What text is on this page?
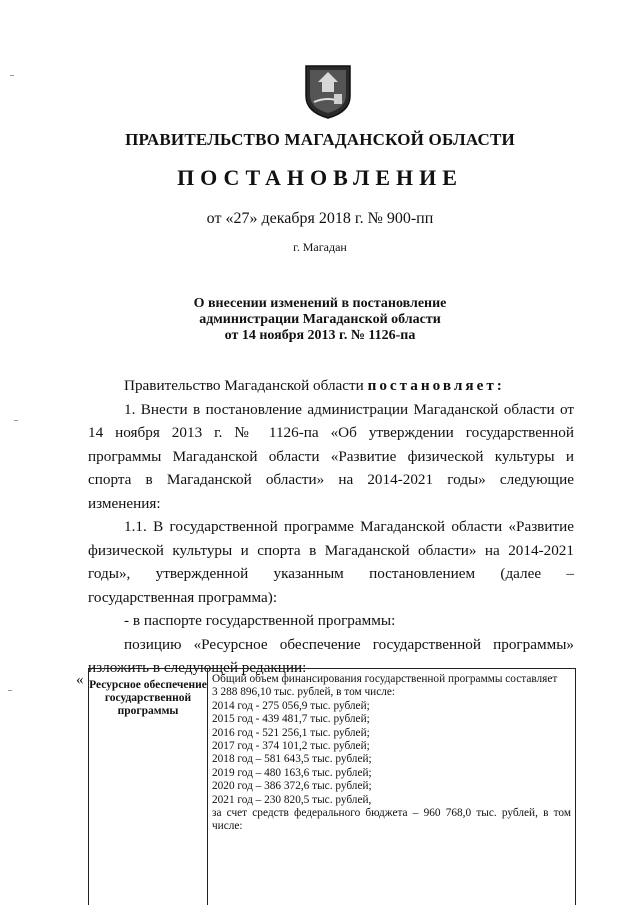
ПРАВИТЕЛЬСТВО МАГАДАНСКОЙ ОБЛАСТИ
ПОСТАНОВЛЕНИЕ
от «27» декабря 2018 г. № 900-пп
г. Магадан
О внесении изменений в постановление
администрации Магаданской области
от 14 ноября 2013 г. № 1126-па

Правительство Магаданской области постановляет:

1. Внести в постановление администрации Магаданской области от 14 ноября 2013 г. № 1126-па «Об утверждении государственной программы Магаданской области «Развитие физической культуры и спорта в Магаданской области» на 2014-2021 годы» следующие изменения:

1.1. В государственной программе Магаданской области «Развитие физической культуры и спорта в Магаданской области» на 2014-2021 годы», утвержденной указанным постановлением (далее – государственная программа):

- в паспорте государственной программы:

позицию «Ресурсное обеспечение государственной программы» изложить в следующей редакции:

« Ресурсное обеспечение государственной программы
Общий объем финансирования государственной программы составляет
3 288 896,10 тыс. рублей, в том числе:
2014 год - 275 056,9 тыс. рублей;
2015 год - 439 481,7 тыс. рублей;
2016 год - 521 256,1 тыс. рублей;
2017 год - 374 101,2 тыс. рублей;
2018 год – 581 643,5 тыс. рублей;
2019 год – 480 163,6 тыс. рублей;
2020 год – 386 372,6 тыс. рублей;
2021 год – 230 820,5 тыс. рублей,
за счет средств федерального бюджета – 960 768,0 тыс. рублей, в том числе:
